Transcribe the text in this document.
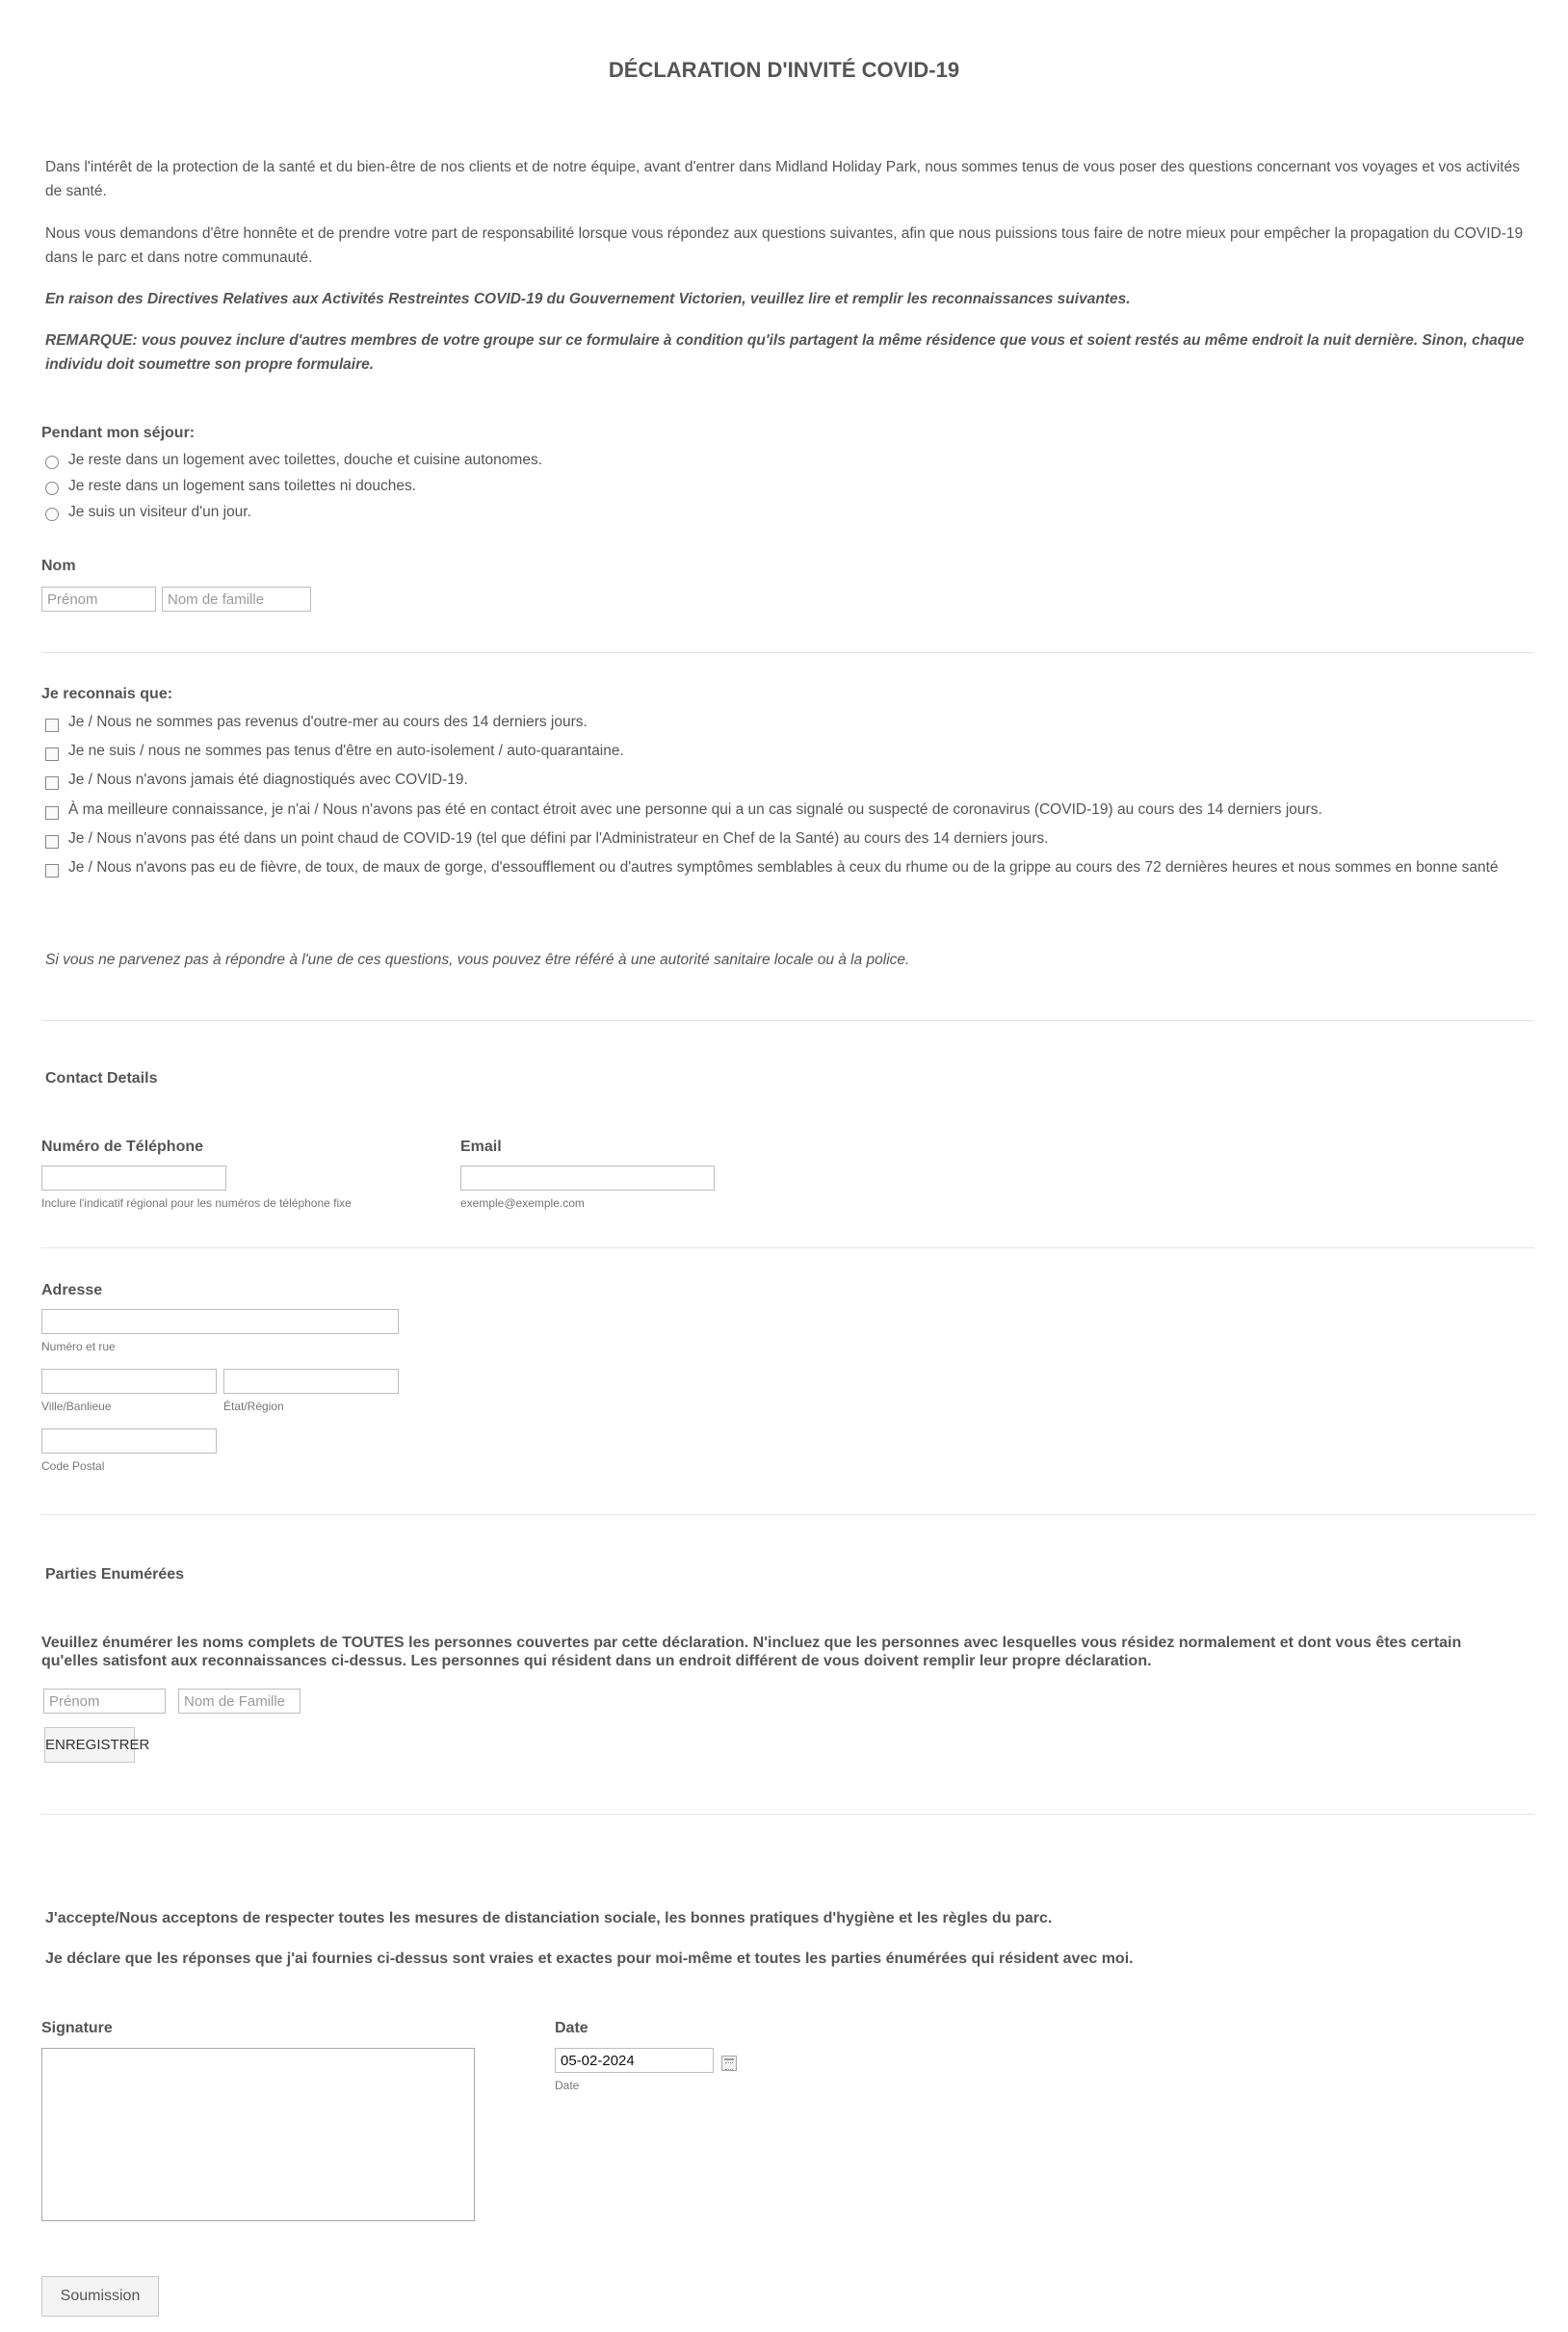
DÉCLARATION D'INVITÉ COVID-19
Dans l'intérêt de la protection de la santé et du bien-être de nos clients et de notre équipe, avant d'entrer dans Midland Holiday Park, nous sommes tenus de vous poser des questions concernant vos voyages et vos activités de santé.
Nous vous demandons d'être honnête et de prendre votre part de responsabilité lorsque vous répondez aux questions suivantes, afin que nous puissions tous faire de notre mieux pour empêcher la propagation du COVID-19 dans le parc et dans notre communauté.
En raison des Directives Relatives aux Activités Restreintes COVID-19 du Gouvernement Victorien, veuillez lire et remplir les reconnaissances suivantes.
REMARQUE: vous pouvez inclure d'autres membres de votre groupe sur ce formulaire à condition qu'ils partagent la même résidence que vous et soient restés au même endroit la nuit dernière. Sinon, chaque individu doit soumettre son propre formulaire.
Pendant mon séjour:
Je reste dans un logement avec toilettes, douche et cuisine autonomes.
Je reste dans un logement sans toilettes ni douches.
Je suis un visiteur d'un jour.
Nom
Prénom
Nom de famille
Je reconnais que:
Je / Nous ne sommes pas revenus d'outre-mer au cours des 14 derniers jours.
Je ne suis / nous ne sommes pas tenus d'être en auto-isolement / auto-quarantaine.
Je / Nous n'avons jamais été diagnostiqués avec COVID-19.
À ma meilleure connaissance, je n'ai / Nous n'avons pas été en contact étroit avec une personne qui a un cas signalé ou suspecté de coronavirus (COVID-19) au cours des 14 derniers jours.
Je / Nous n'avons pas été dans un point chaud de COVID-19 (tel que défini par l'Administrateur en Chef de la Santé) au cours des 14 derniers jours.
Je / Nous n'avons pas eu de fièvre, de toux, de maux de gorge, d'essoufflement ou d'autres symptômes semblables à ceux du rhume ou de la grippe au cours des 72 dernières heures et nous sommes en bonne santé
Si vous ne parvenez pas à répondre à l'une de ces questions, vous pouvez être référé à une autorité sanitaire locale ou à la police.
Contact Details
Numéro de Téléphone
Inclure l'indicatif régional pour les numéros de téléphone fixe
Email
exemple@exemple.com
Adresse
Numéro et rue
Ville/Banlieue	État/Région
Code Postal
Parties Enumérées
Veuillez énumérer les noms complets de TOUTES les personnes couvertes par cette déclaration. N'incluez que les personnes avec lesquelles vous résidez normalement et dont vous êtes certain qu'elles satisfont aux reconnaissances ci-dessus. Les personnes qui résident dans un endroit différent de vous doivent remplir leur propre déclaration.
Prénom
Nom de Famille
ENREGISTRER
J'accepte/Nous acceptons de respecter toutes les mesures de distanciation sociale, les bonnes pratiques d'hygiène et les règles du parc.
Je déclare que les réponses que j'ai fournies ci-dessus sont vraies et exactes pour moi-même et toutes les parties énumérées qui résident avec moi.
Signature	Date
05-02-2024
Date
Soumission
